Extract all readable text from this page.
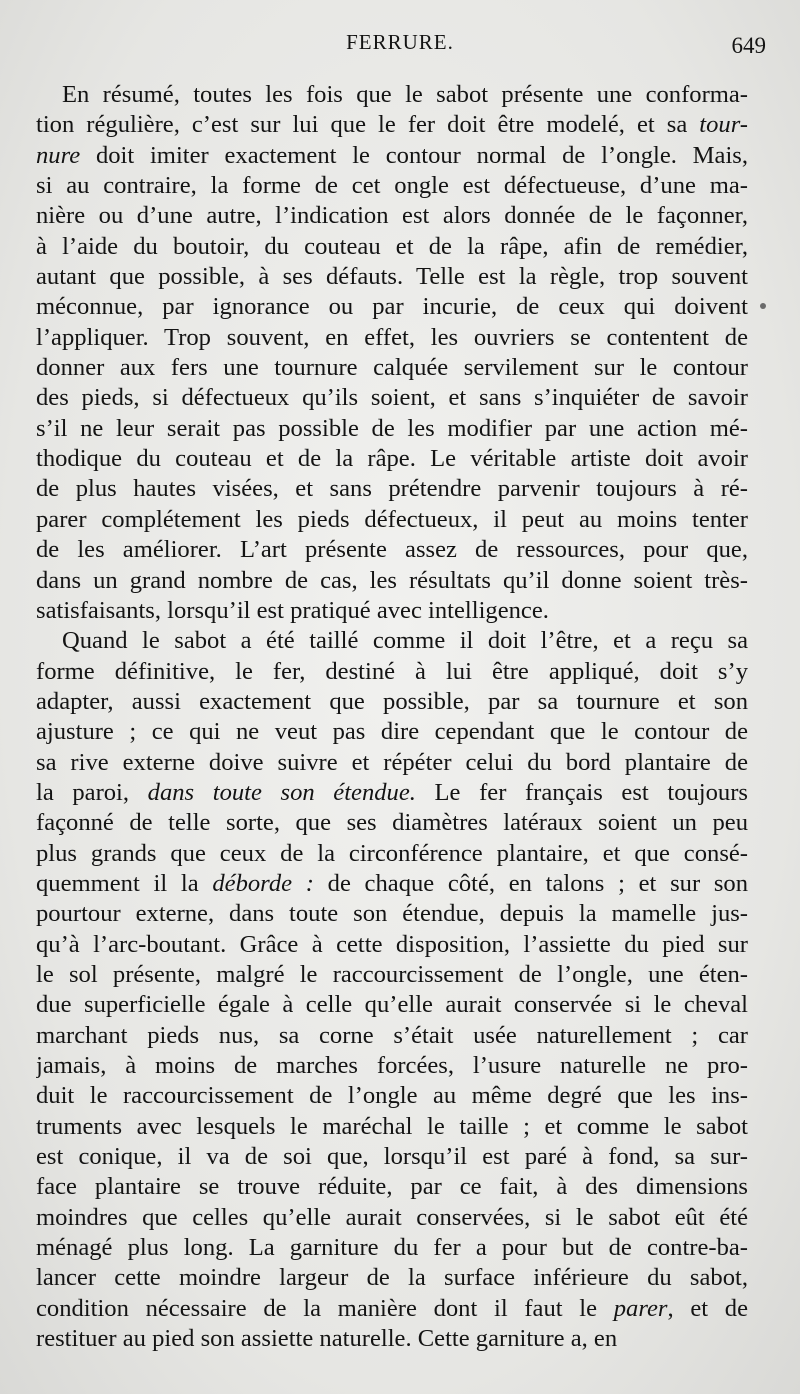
FERRURE.	649
En résumé, toutes les fois que le sabot présente une conforma-
tion régulière, c’est sur lui que le fer doit être modelé, et sa tour-
nure doit imiter exactement le contour normal de l’ongle. Mais,
si au contraire, la forme de cet ongle est défectueuse, d’une ma-
nière ou d’une autre, l’indication est alors donnée de le façonner,
à l’aide du boutoir, du couteau et de la râpe, afin de remédier,
autant que possible, à ses défauts. Telle est la règle, trop souvent
méconnue, par ignorance ou par incurie, de ceux qui doivent
l’appliquer. Trop souvent, en effet, les ouvriers se contentent de
donner aux fers une tournure calquée servilement sur le contour
des pieds, si défectueux qu’ils soient, et sans s’inquiéter de savoir
s’il ne leur serait pas possible de les modifier par une action mé-
thodique du couteau et de la râpe. Le véritable artiste doit avoir
de plus hautes visées, et sans prétendre parvenir toujours à ré-
parer complétement les pieds défectueux, il peut au moins tenter
de les améliorer. L’art présente assez de ressources, pour que,
dans un grand nombre de cas, les résultats qu’il donne soient très-
satisfaisants, lorsqu’il est pratiqué avec intelligence.
Quand le sabot a été taillé comme il doit l’être, et a reçu sa
forme définitive, le fer, destiné à lui être appliqué, doit s’y
adapter, aussi exactement que possible, par sa tournure et son
ajusture ; ce qui ne veut pas dire cependant que le contour de
sa rive externe doive suivre et répéter celui du bord plantaire de
la paroi, dans toute son étendue. Le fer français est toujours
façonné de telle sorte, que ses diamètres latéraux soient un peu
plus grands que ceux de la circonférence plantaire, et que consé-
quemment il la déborde : de chaque côté, en talons ; et sur son
pourtour externe, dans toute son étendue, depuis la mamelle jus-
qu’à l’arc-boutant. Grâce à cette disposition, l’assiette du pied sur
le sol présente, malgré le raccourcissement de l’ongle, une éten-
due superficielle égale à celle qu’elle aurait conservée si le cheval
marchant pieds nus, sa corne s’était usée naturellement ; car
jamais, à moins de marches forcées, l’usure naturelle ne pro-
duit le raccourcissement de l’ongle au même degré que les ins-
truments avec lesquels le maréchal le taille ; et comme le sabot
est conique, il va de soi que, lorsqu’il est paré à fond, sa sur-
face plantaire se trouve réduite, par ce fait, à des dimensions
moindres que celles qu’elle aurait conservées, si le sabot eût été
ménagé plus long. La garniture du fer a pour but de contre-ba-
lancer cette moindre largeur de la surface inférieure du sabot,
condition nécessaire de la manière dont il faut le parer, et de
restituer au pied son assiette naturelle. Cette garniture a, en
